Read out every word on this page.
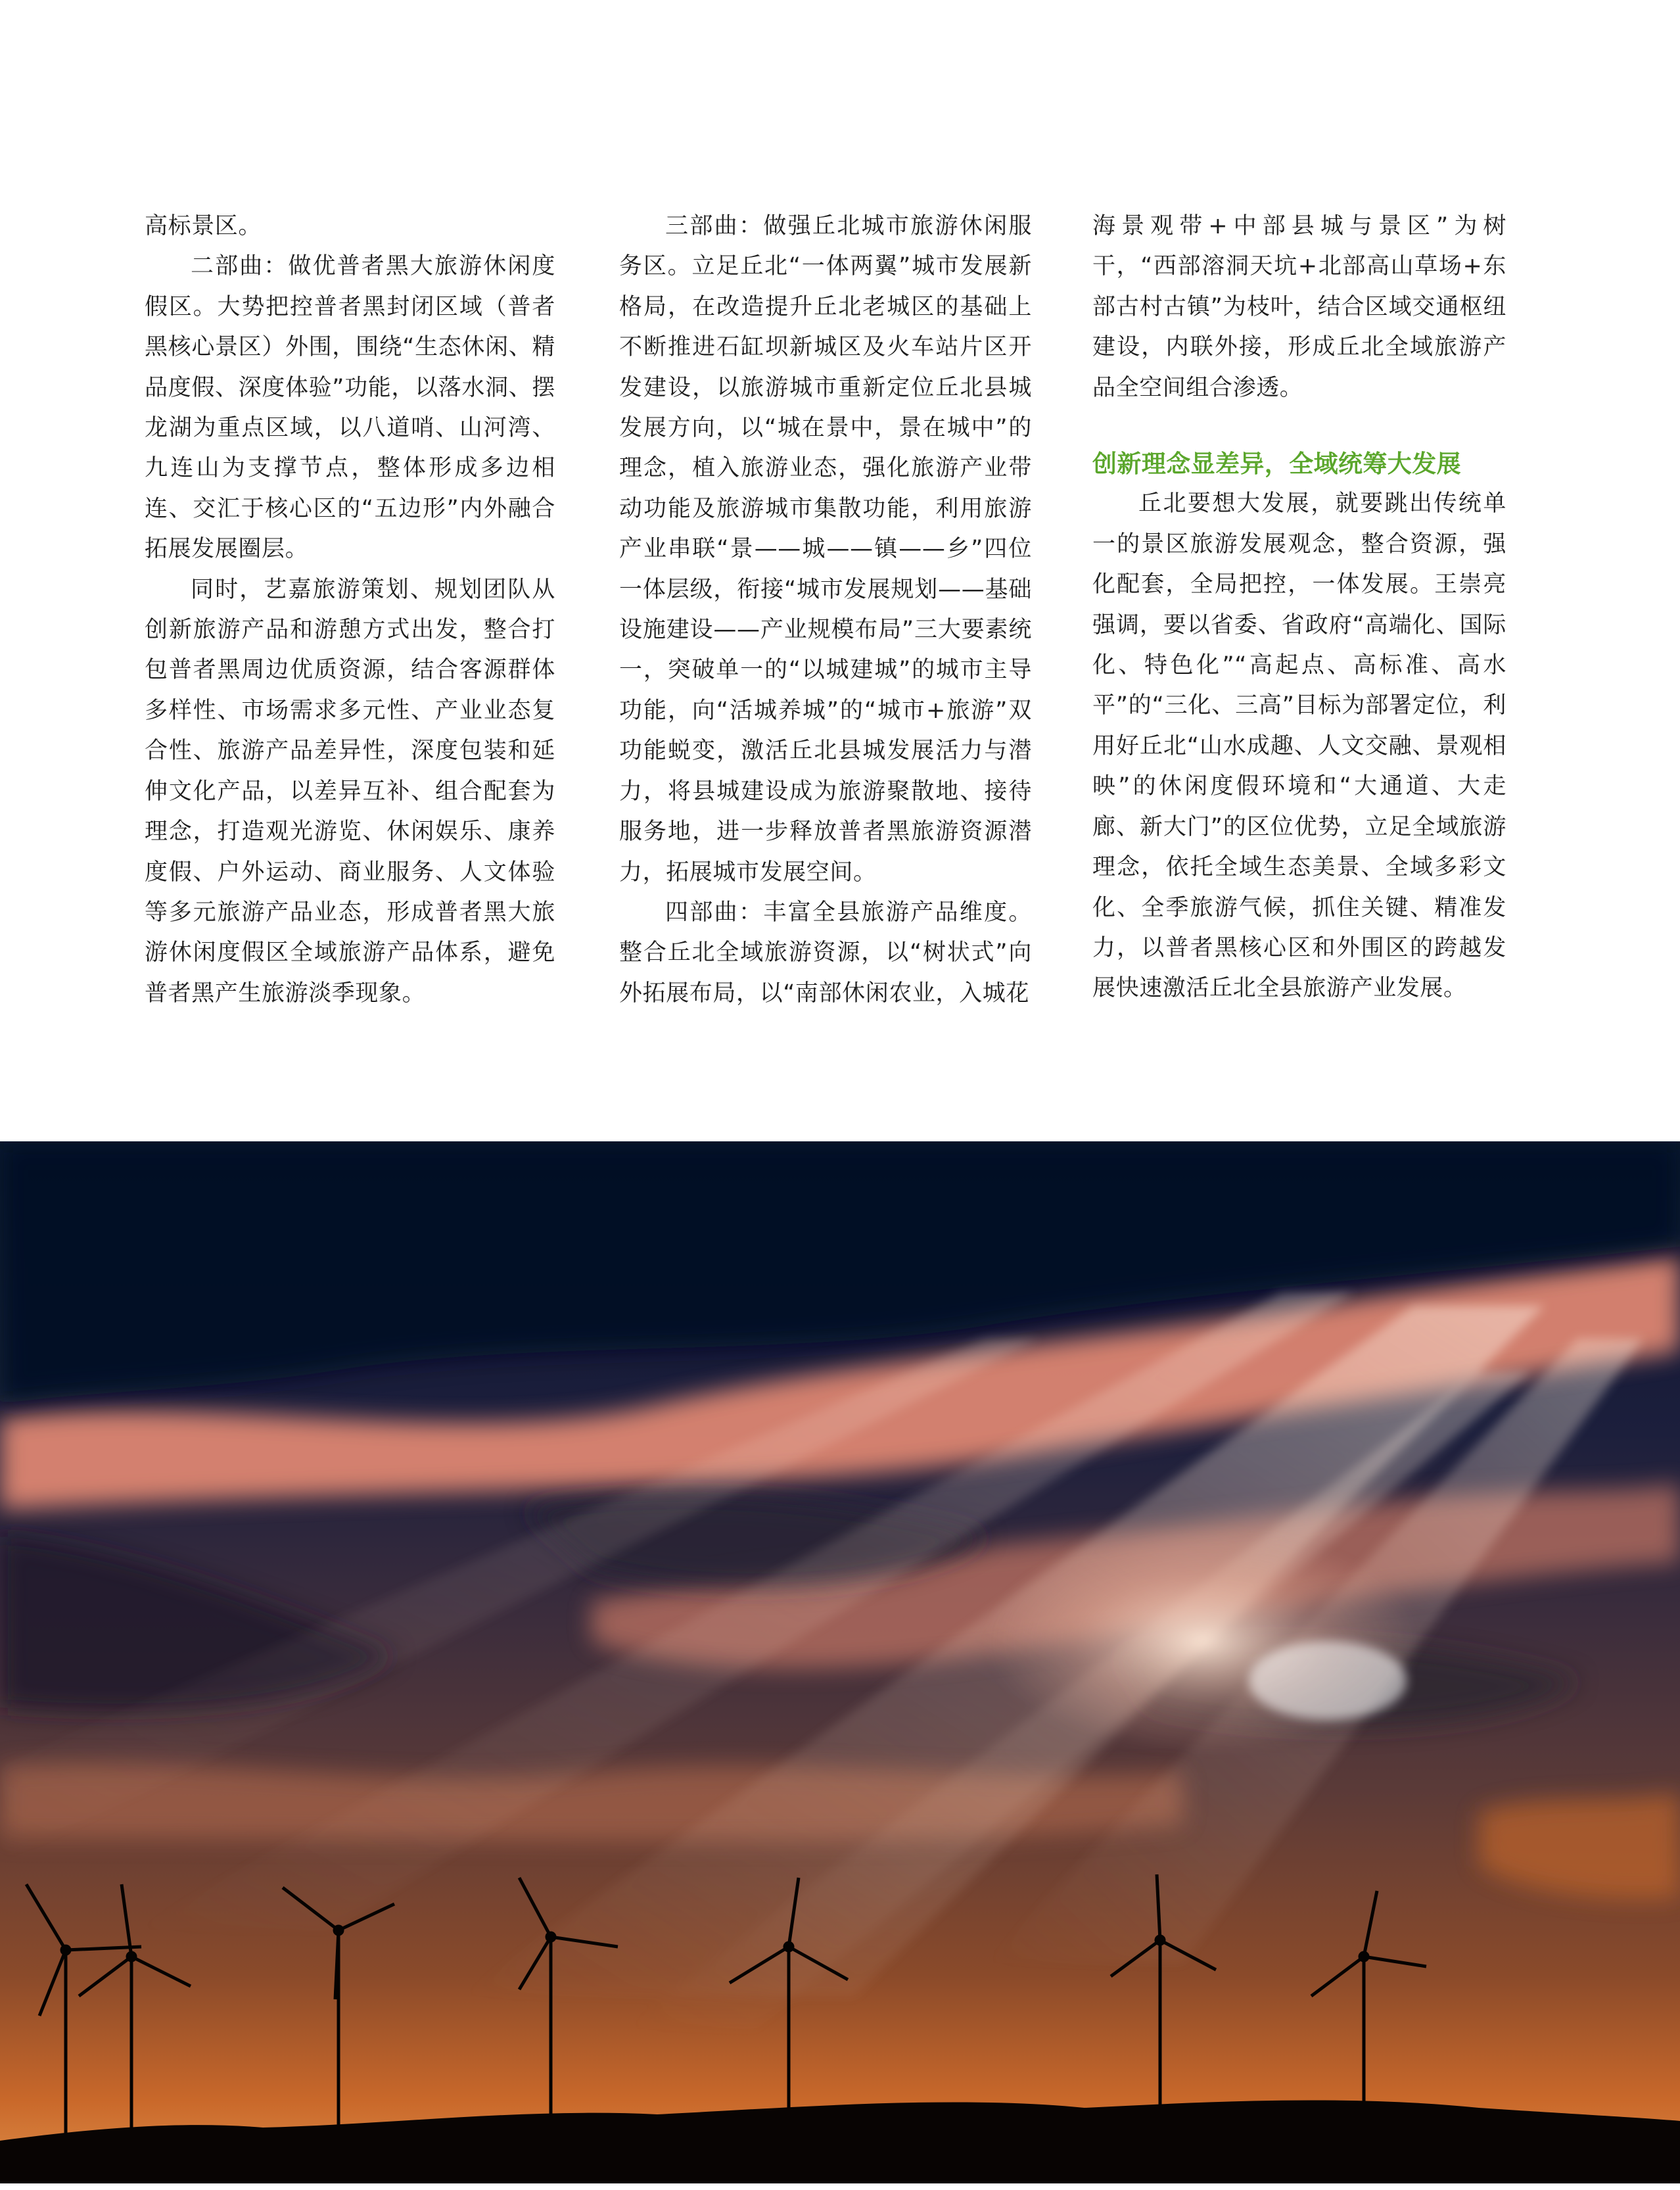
高标景区。

二部曲：做优普者黑大旅游休闲度假区。大势把控普者黑封闭区域（普者黑核心景区）外围，围绕“生态休闲、精品度假、深度体验”功能，以落水洞、摆龙湖为重点区域，以八道哨、山河湾、九连山为支撑节点，整体形成多边相连、交汇于核心区的“五边形”内外融合拓展发展圈层。

同时，艺嘉旅游策划、规划团队从创新旅游产品和游憩方式出发，整合打包普者黑周边优质资源，结合客源群体多样性、市场需求多元性、产业业态复合性、旅游产品差异性，深度包装和延伸文化产品，以差异互补、组合配套为理念，打造观光游览、休闲娱乐、康养度假、户外运动、商业服务、人文体验等多元旅游产品业态，形成普者黑大旅游休闲度假区全域旅游产品体系，避免普者黑产生旅游淡季现象。

三部曲：做强丘北城市旅游休闲服务区。立足丘北“一体两翼”城市发展新格局，在改造提升丘北老城区的基础上不断推进石缸坝新城区及火车站片区开发建设，以旅游城市重新定位丘北县城发展方向，以“城在景中，景在城中”的理念，植入旅游业态，强化旅游产业带动功能及旅游城市集散功能，利用旅游产业串联“景——城——镇——乡”四位一体层级，衔接“城市发展规划——基础设施建设——产业规模布局”三大要素统一，突破单一的“以城建城”的城市主导功能，向“活城养城”的“城市+旅游”双功能蜕变，激活丘北县城发展活力与潜力，将县城建设成为旅游聚散地、接待服务地，进一步释放普者黑旅游资源潜力，拓展城市发展空间。

四部曲：丰富全县旅游产品维度。整合丘北全域旅游资源，以“树状式”向外拓展布局，以“南部休闲农业，入城花

海景观带+中部县城与景区”为树干，“西部溶洞天坑+北部高山草场+东部古村古镇”为枝叶，结合区域交通枢纽建设，内联外接，形成丘北全域旅游产品全空间组合渗透。

创新理念显差异，全域统筹大发展

丘北要想大发展，就要跳出传统单一的景区旅游发展观念，整合资源，强化配套，全局把控，一体发展。王崇亮强调，要以省委、省政府“高端化、国际化、特色化”“高起点、高标准、高水平”的“三化、三高”目标为部署定位，利用好丘北“山水成趣、人文交融、景观相映”的休闲度假环境和“大通道、大走廊、新大门”的区位优势，立足全域旅游理念，依托全域生态美景、全域多彩文化、全季旅游气候，抓住关键、精准发力，以普者黑核心区和外围区的跨越发展快速激活丘北全县旅游产业发展。
